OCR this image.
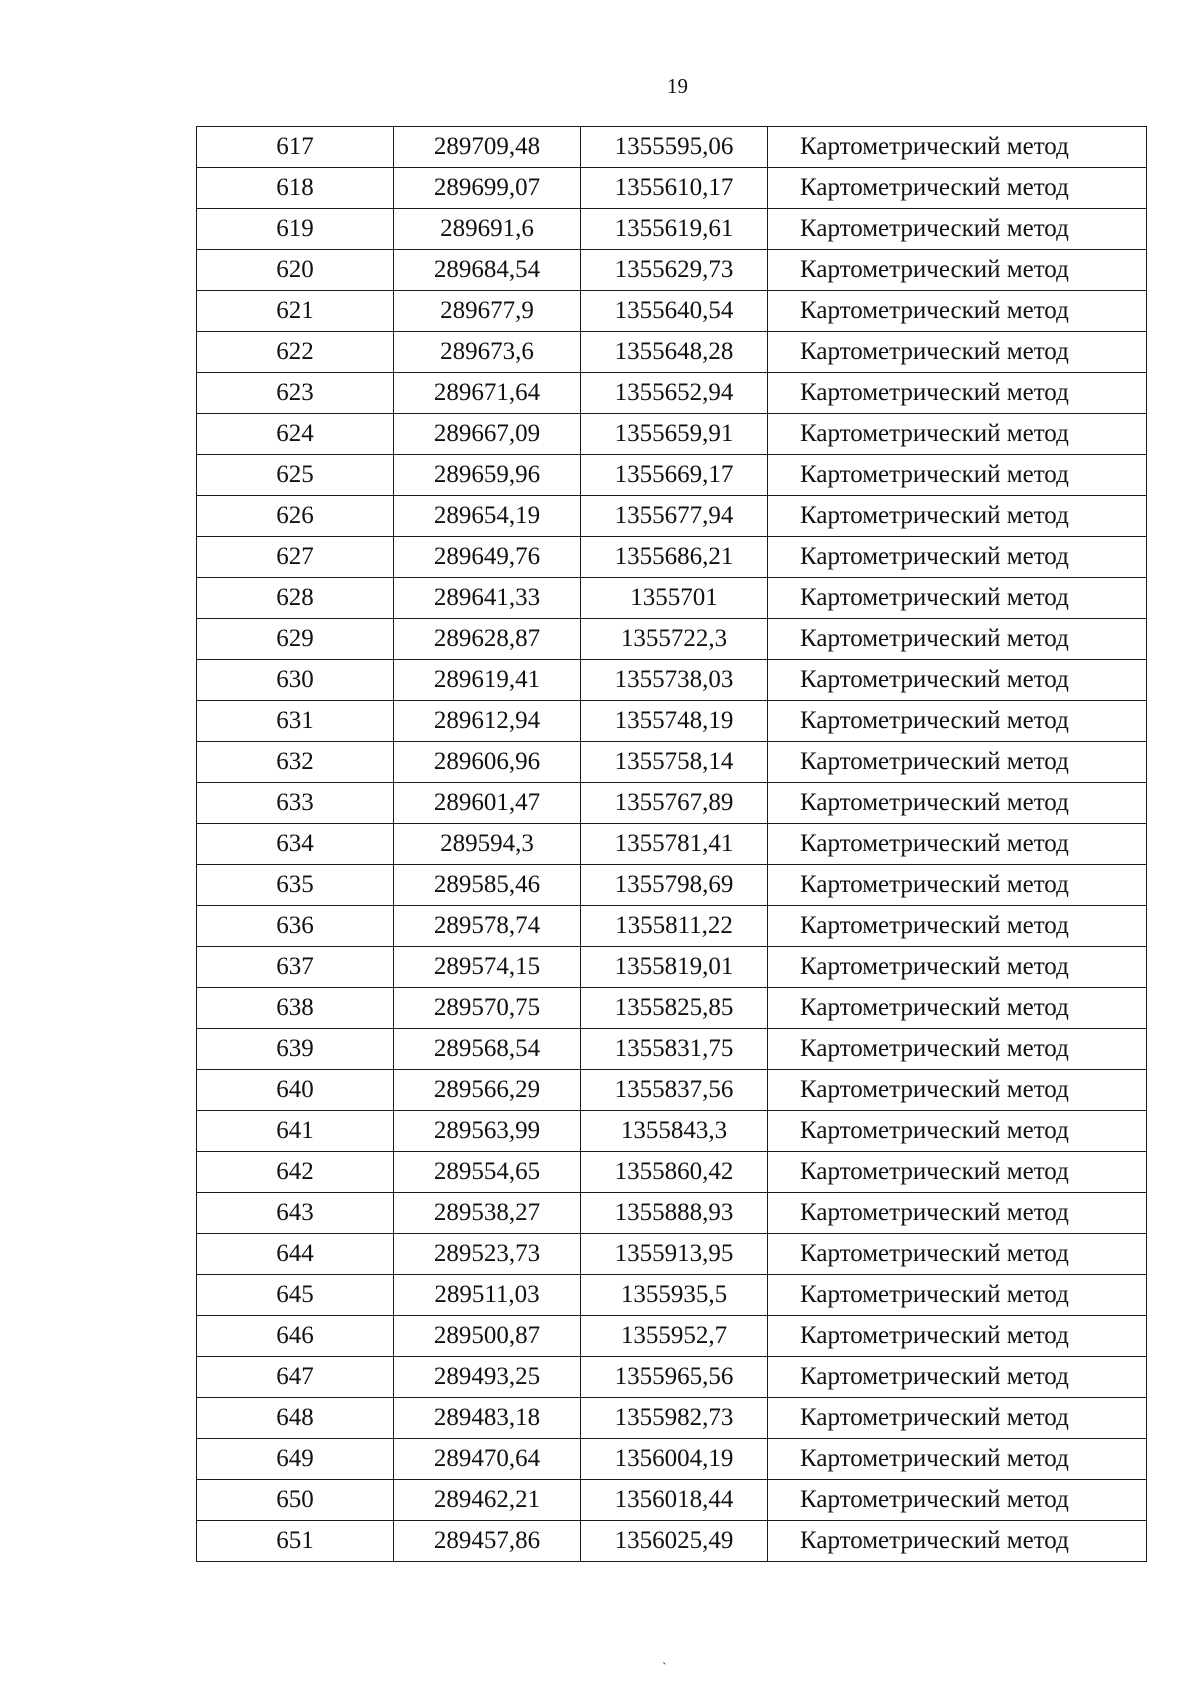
19
617	289709,48	1355595,06	Картометрический метод
618	289699,07	1355610,17	Картометрический метод
619	289691,6	1355619,61	Картометрический метод
620	289684,54	1355629,73	Картометрический метод
621	289677,9	1355640,54	Картометрический метод
622	289673,6	1355648,28	Картометрический метод
623	289671,64	1355652,94	Картометрический метод
624	289667,09	1355659,91	Картометрический метод
625	289659,96	1355669,17	Картометрический метод
626	289654,19	1355677,94	Картометрический метод
627	289649,76	1355686,21	Картометрический метод
628	289641,33	1355701	Картометрический метод
629	289628,87	1355722,3	Картометрический метод
630	289619,41	1355738,03	Картометрический метод
631	289612,94	1355748,19	Картометрический метод
632	289606,96	1355758,14	Картометрический метод
633	289601,47	1355767,89	Картометрический метод
634	289594,3	1355781,41	Картометрический метод
635	289585,46	1355798,69	Картометрический метод
636	289578,74	1355811,22	Картометрический метод
637	289574,15	1355819,01	Картометрический метод
638	289570,75	1355825,85	Картометрический метод
639	289568,54	1355831,75	Картометрический метод
640	289566,29	1355837,56	Картометрический метод
641	289563,99	1355843,3	Картометрический метод
642	289554,65	1355860,42	Картометрический метод
643	289538,27	1355888,93	Картометрический метод
644	289523,73	1355913,95	Картометрический метод
645	289511,03	1355935,5	Картометрический метод
646	289500,87	1355952,7	Картометрический метод
647	289493,25	1355965,56	Картометрический метод
648	289483,18	1355982,73	Картометрический метод
649	289470,64	1356004,19	Картометрический метод
650	289462,21	1356018,44	Картометрический метод
651	289457,86	1356025,49	Картометрический метод
`
